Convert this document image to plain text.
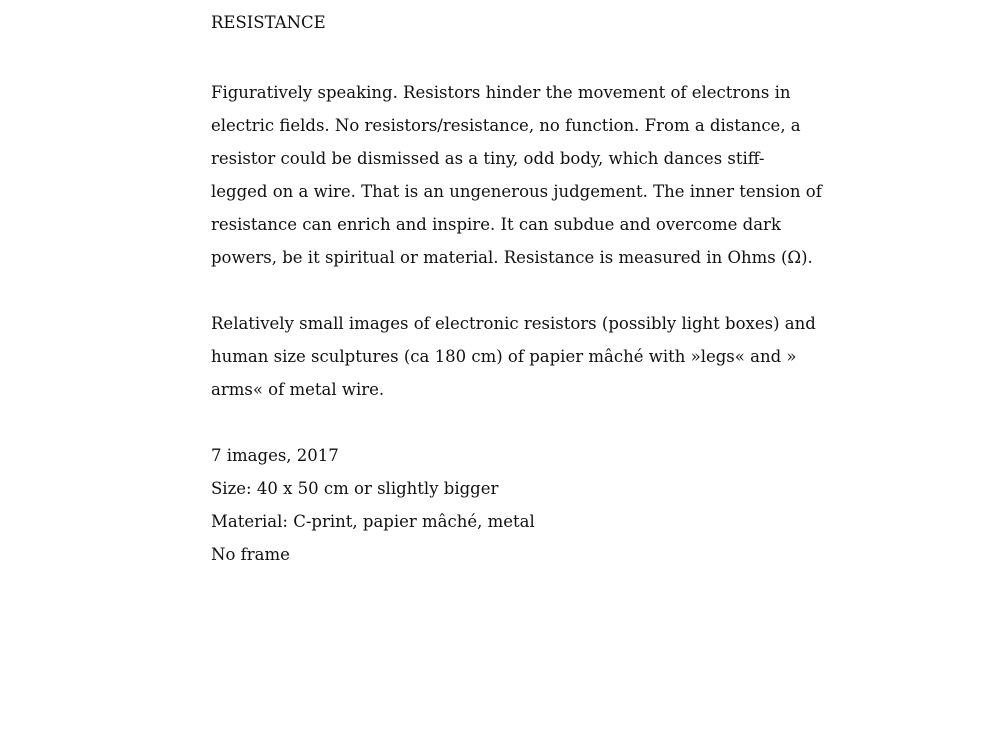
RESISTANCE

Figuratively speaking. Resistors hinder the movement of electrons in
electric fields. No resistors/resistance, no function. From a distance, a
resistor could be dismissed as a tiny, odd body, which dances stiff-
legged on a wire. That is an ungenerous judgement. The inner tension of
resistance can enrich and inspire. It can subdue and overcome dark
powers, be it spiritual or material. Resistance is measured in Ohms (Ω).

Relatively small images of electronic resistors (possibly light boxes) and
human size sculptures (ca 180 cm) of papier mâché with »legs« and »
arms« of metal wire.

7 images, 2017
Size: 40 x 50 cm or slightly bigger
Material: C-print, papier mâché, metal
No frame
